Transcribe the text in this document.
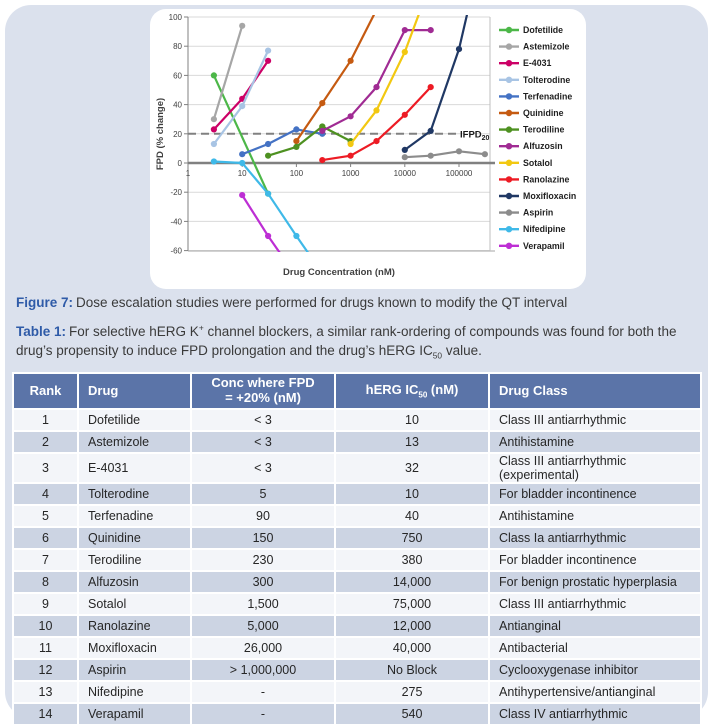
100
80
60
40
20
0
-20
-40
-60
1	10	100	1000	10000	100000
$IFPD_{20}$
Dofetilide
Astemizole
E-4031
Tolterodine
Terfenadine
Quinidine
Terodiline
Alfuzosin
Sotalol
Ranolazine
Moxifloxacin
Aspirin
Nifedipine
Verapamil
FPD (% change)
Drug Concentration (nM)

Figure 7: Dose escalation studies were performed for drugs known to modify the QT interval

Table 1: For selective hERG K+ channel blockers, a similar rank-ordering of compounds was found for both the drug’s propensity to induce FPD prolongation and the drug’s hERG $IC_{50}$ value.

Rank	Drug	Conc where FPD
= +20% (nM)	hERG $IC_{50}$ (nM)	Drug Class
1	Dofetilide	< 3	10	Class III antiarrhythmic
2	Astemizole	< 3	13	Antihistamine
3	E-4031	< 3	32	Class III antiarrhythmic (experimental)
4	Tolterodine	5	10	For bladder incontinence
5	Terfenadine	90	40	Antihistamine
6	Quinidine	150	750	Class Ia antiarrhythmic
7	Terodiline	230	380	For bladder incontinence
8	Alfuzosin	300	14,000	For benign prostatic hyperplasia
9	Sotalol	1,500	75,000	Class III antiarrhythmic
10	Ranolazine	5,000	12,000	Antianginal
11	Moxifloxacin	26,000	40,000	Antibacterial
12	Aspirin	> 1,000,000	No Block	Cyclooxygenase inhibitor
13	Nifedipine	-	275	Antihypertensive/antianginal
14	Verapamil	-	540	Class IV antiarrhythmic
